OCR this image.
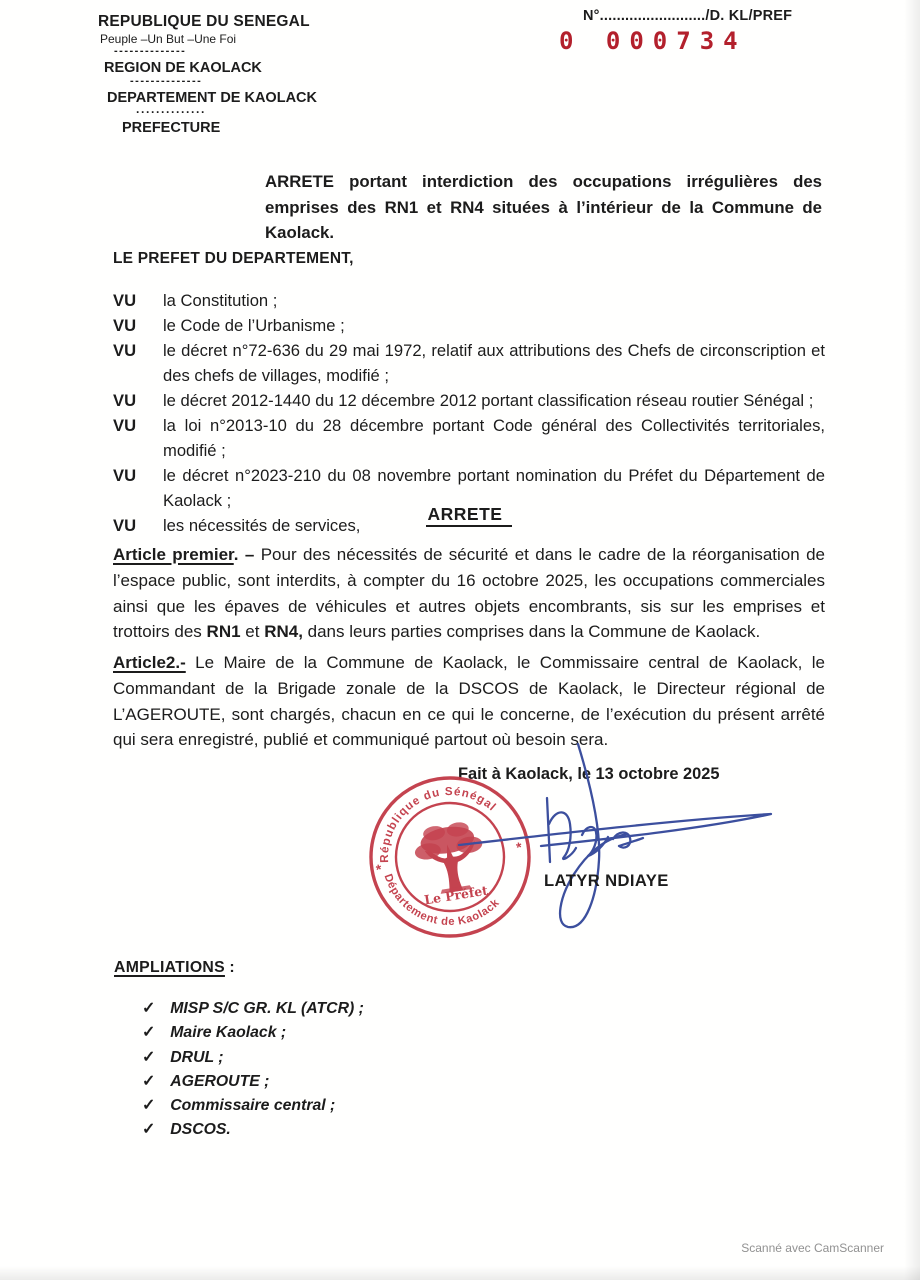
REPUBLIQUE DU SENEGAL
Peuple –Un But –Une Foi
--------------
REGION DE KAOLACK
--------------
DEPARTEMENT DE KAOLACK
··············
PREFECTURE
N°........................./D. KL/PREF
0 000734
ARRETE portant interdiction des occupations irrégulières des emprises des RN1 et RN4 situées à l’intérieur de la Commune de Kaolack.
LE PREFET DU DEPARTEMENT,
VU	la Constitution ;
VU	le Code de l’Urbanisme ;
VU	le décret n°72-636 du 29 mai 1972, relatif aux attributions des Chefs de circonscription et des chefs de villages, modifié ;
VU	le décret 2012-1440 du 12 décembre 2012 portant classification réseau routier Sénégal ;
VU	la loi n°2013-10 du 28 décembre portant Code général des Collectivités territoriales, modifié ;
VU	le décret n°2023-210 du 08 novembre portant nomination du Préfet du Département de Kaolack ;
VU	les nécessités de services,
ARRETE
Article premier. – Pour des nécessités de sécurité et dans le cadre de la réorganisation de l’espace public, sont interdits, à compter du 16 octobre 2025, les occupations commerciales ainsi que les épaves de véhicules et autres objets encombrants, sis sur les emprises et trottoirs des RN1 et RN4, dans leurs parties comprises dans la Commune de Kaolack.
Article2.- Le Maire de la Commune de Kaolack, le Commissaire central de Kaolack, le Commandant de la Brigade zonale de la DSCOS de Kaolack, le Directeur régional de L’AGEROUTE, sont chargés, chacun en ce qui le concerne, de l’exécution du présent arrêté qui sera enregistré, publié et communiqué partout où besoin sera.
Fait à Kaolack, le 13 octobre 2025
République du Sénégal
Département de Kaolack
*
*
Le Préfet
LATYR NDIAYE
AMPLIATIONS :
✓ MISP S/C GR. KL (ATCR) ;
✓ Maire Kaolack ;
✓ DRUL ;
✓ AGEROUTE ;
✓ Commissaire central ;
✓ DSCOS.
Scanné avec CamScanner
